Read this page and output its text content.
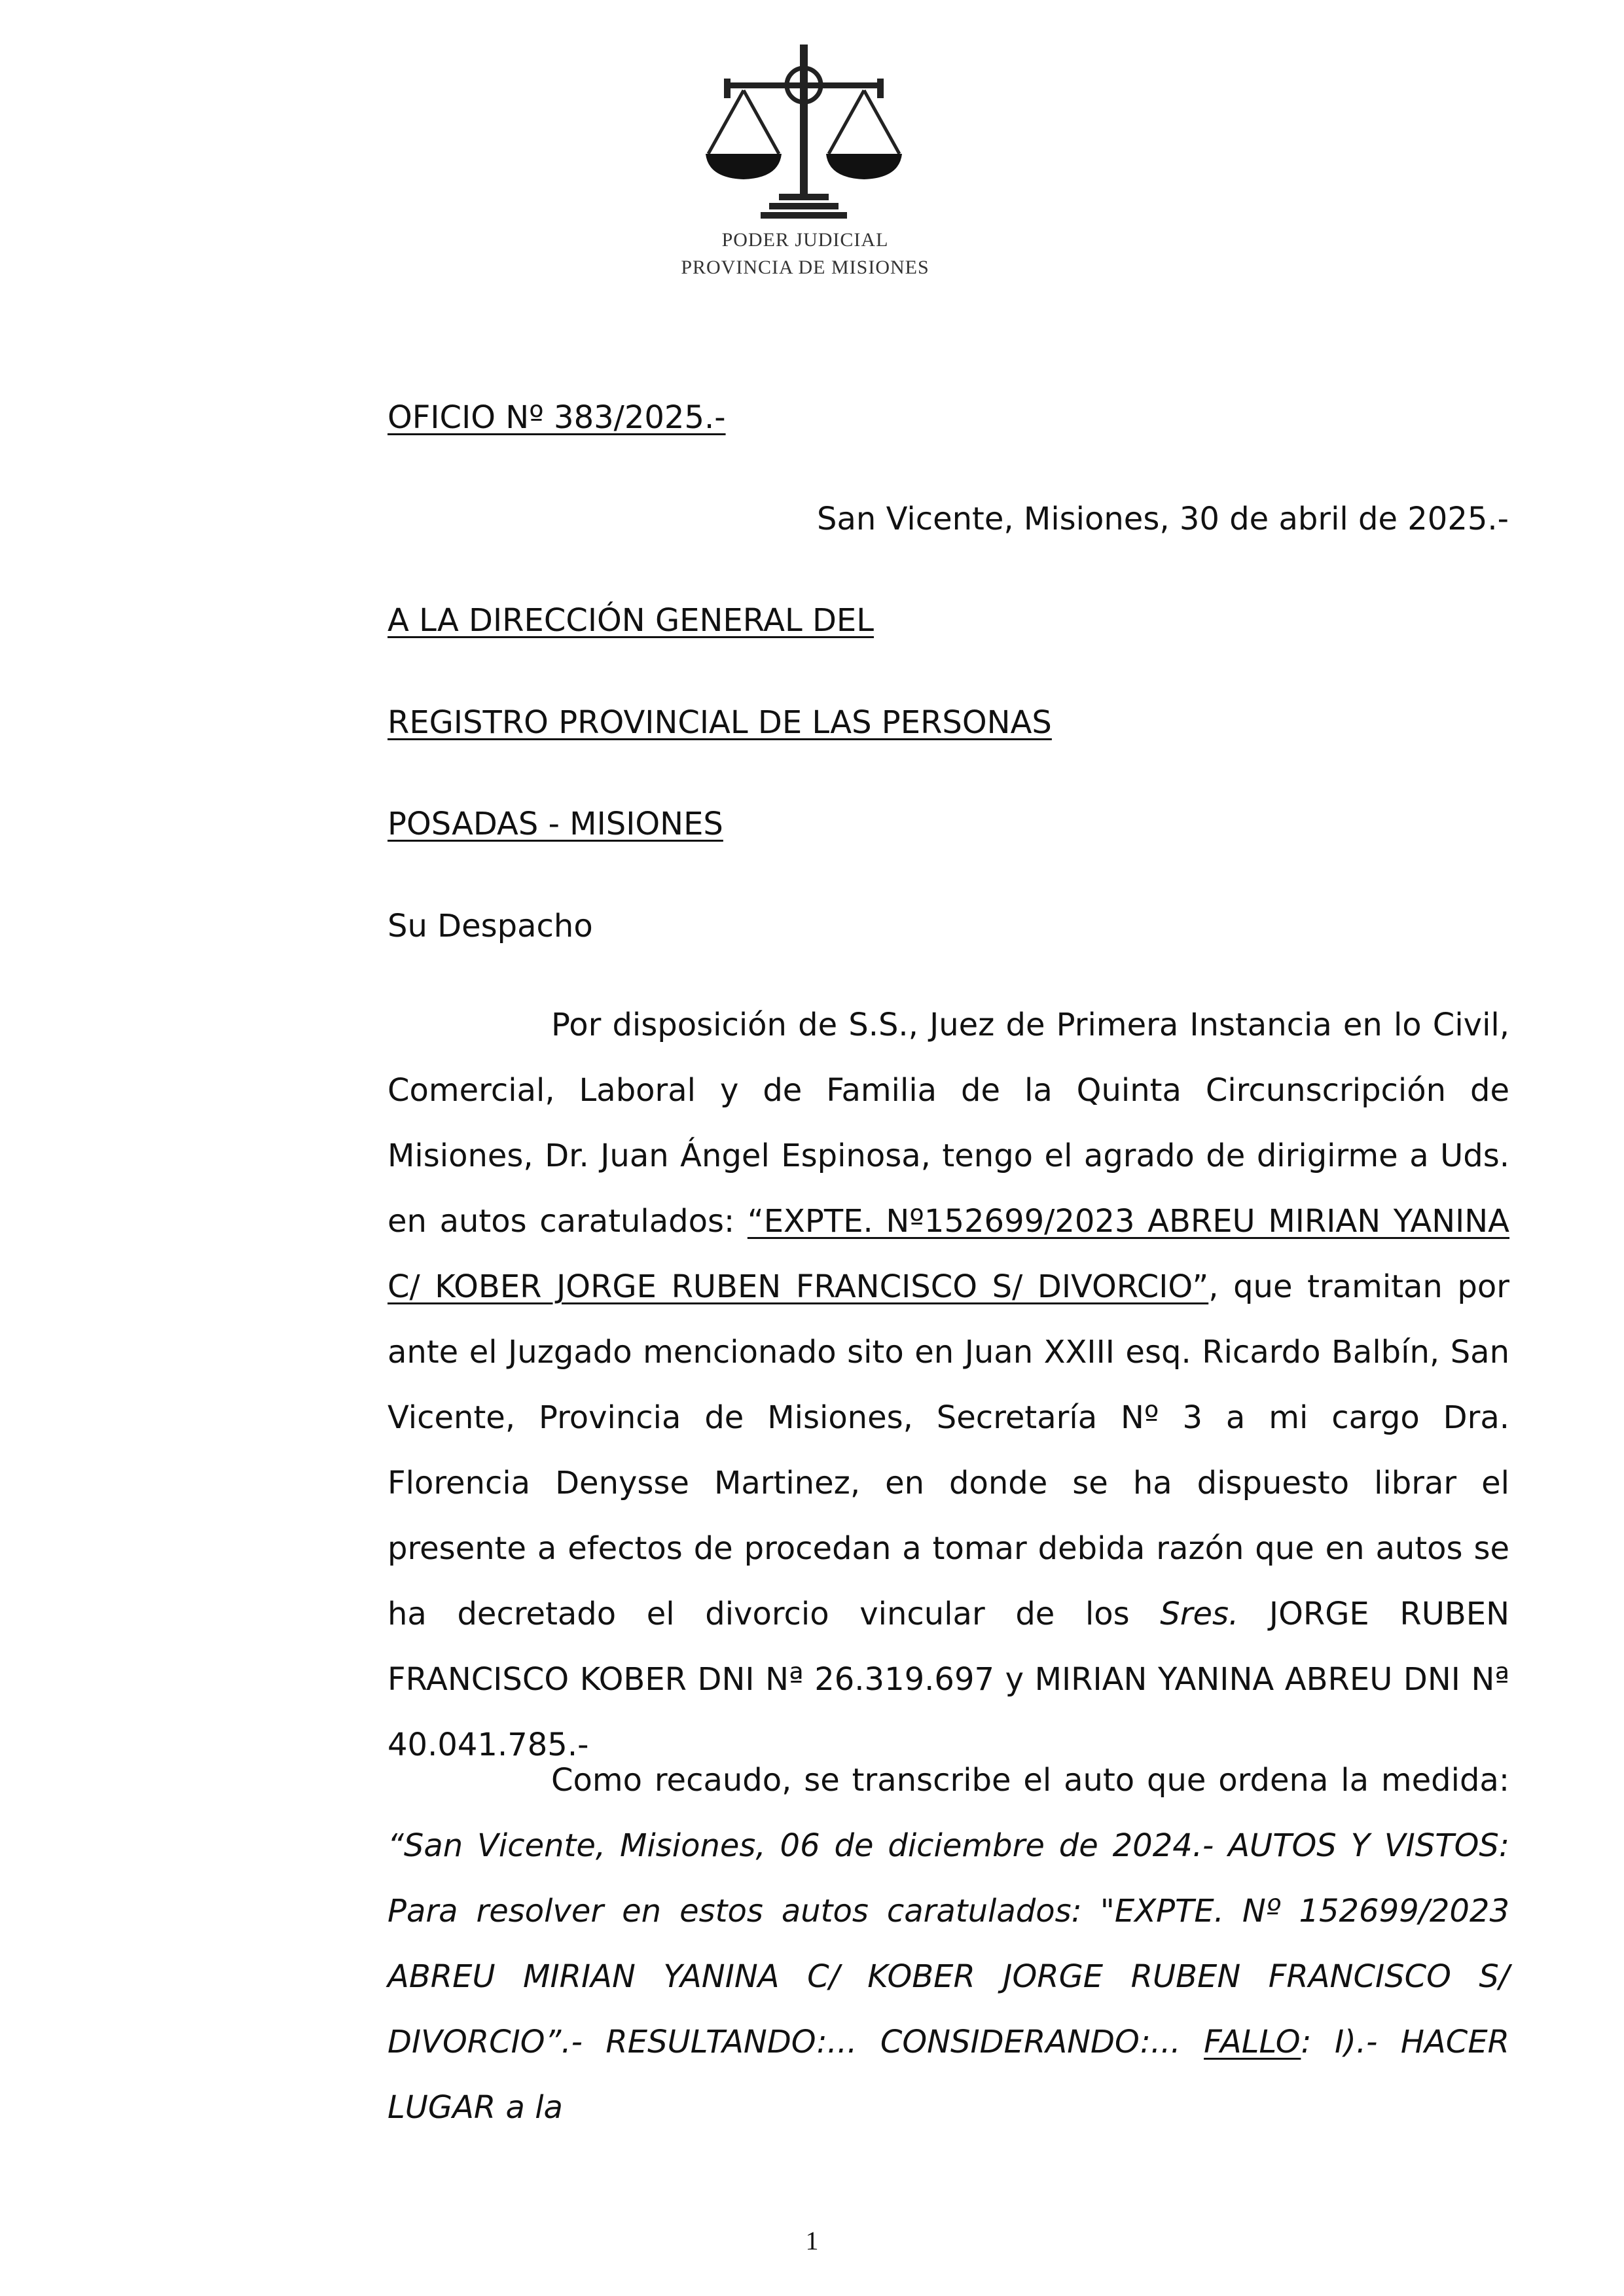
PODER JUDICIAL
PROVINCIA DE MISIONES
OFICIO Nº 383/2025.-
San Vicente, Misiones, 30 de abril de 2025.-
A LA DIRECCIÓN GENERAL DEL
REGISTRO PROVINCIAL DE LAS PERSONAS
POSADAS - MISIONES
Su Despacho
Por disposición de S.S., Juez de Primera Instancia en lo Civil, Comercial, Laboral y de Familia de la Quinta Circunscripción de Misiones, Dr. Juan Ángel Espinosa, tengo el agrado de dirigirme a Uds. en autos caratulados: “EXPTE. Nº152699/2023 ABREU MIRIAN YANINA C/ KOBER JORGE RUBEN FRANCISCO S/ DIVORCIO”, que tramitan por ante el Juzgado mencionado sito en Juan XXIII esq. Ricardo Balbín, San Vicente, Provincia de Misiones, Secretaría Nº 3 a mi cargo Dra. Florencia Denysse Martinez, en donde se ha dispuesto librar el presente a efectos de procedan a tomar debida razón que en autos se ha decretado el divorcio vincular de los Sres. JORGE RUBEN FRANCISCO KOBER DNI Nª 26.319.697 y MIRIAN YANINA ABREU DNI Nª 40.041.785.-
Como recaudo, se transcribe el auto que ordena la medida: “San Vicente, Misiones, 06 de diciembre de 2024.- AUTOS Y VISTOS: Para resolver en estos autos caratulados: "EXPTE. Nº 152699/2023 ABREU MIRIAN YANINA C/ KOBER JORGE RUBEN FRANCISCO S/ DIVORCIO”.- RESULTANDO:... CONSIDERANDO:... FALLO: I).- HACER LUGAR a la
1
